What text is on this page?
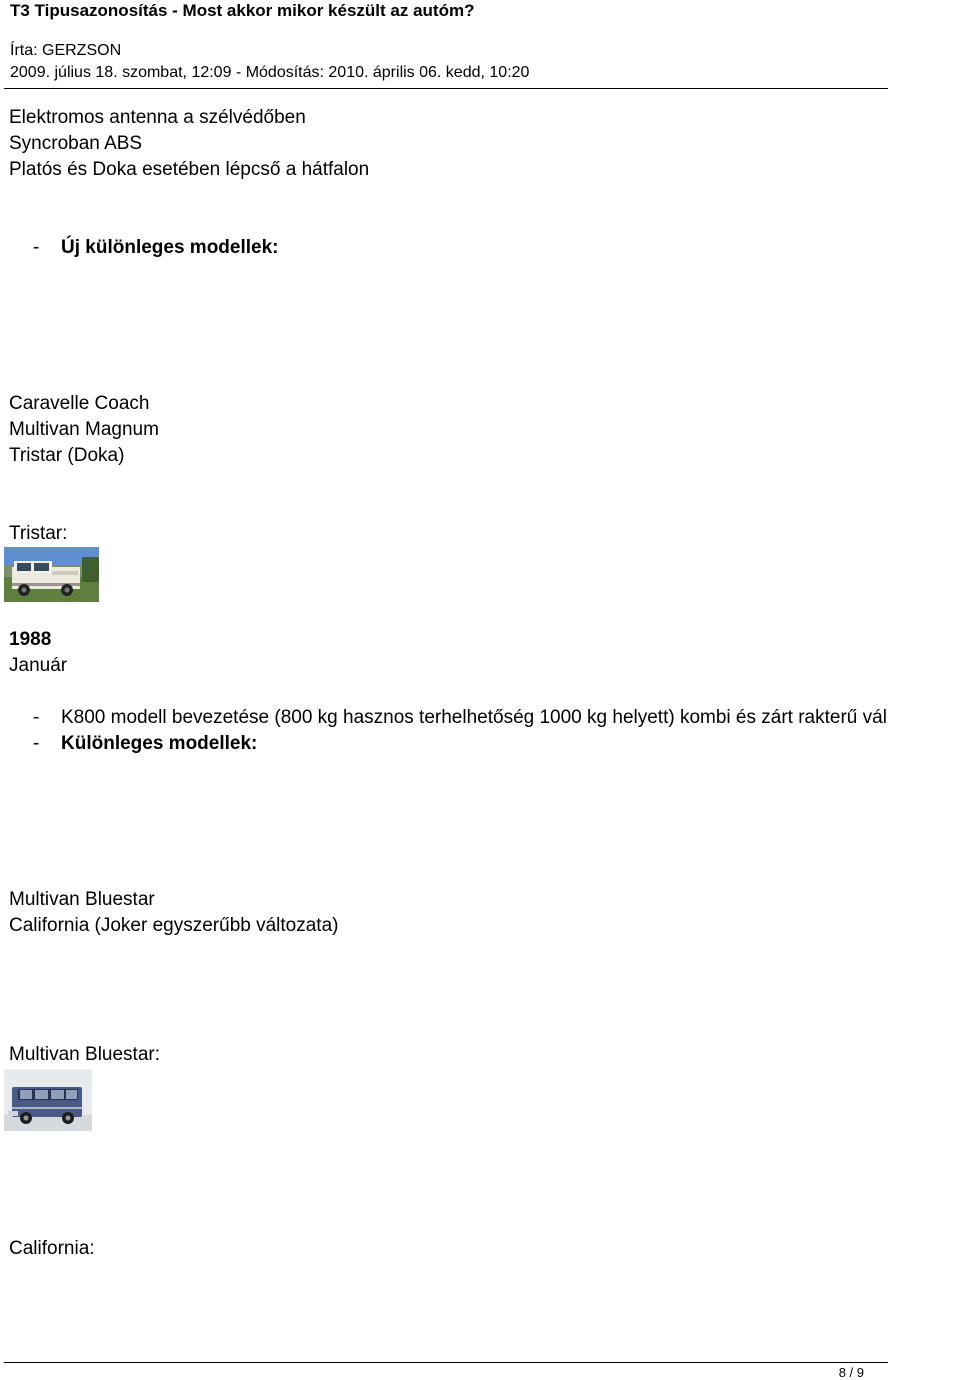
T3 Tipusazonosítás - Most akkor mikor készült az autóm?
Írta: GERZSON
2009. július 18. szombat, 12:09 - Módosítás: 2010. április 06. kedd, 10:20
Elektromos antenna a szélvédőben
Syncroban ABS
Platós és Doka esetében lépcső a hátfalon
- Új különleges modellek:
Caravelle Coach
Multivan Magnum
Tristar (Doka)
Tristar:
1988
Január
- K800 modell bevezetése (800 kg hasznos terhelhetőség 1000 kg helyett) kombi és zárt rakterű vál
- Különleges modellek:
Multivan Bluestar
California (Joker egyszerűbb változata)
Multivan Bluestar:
California:
8 / 9
